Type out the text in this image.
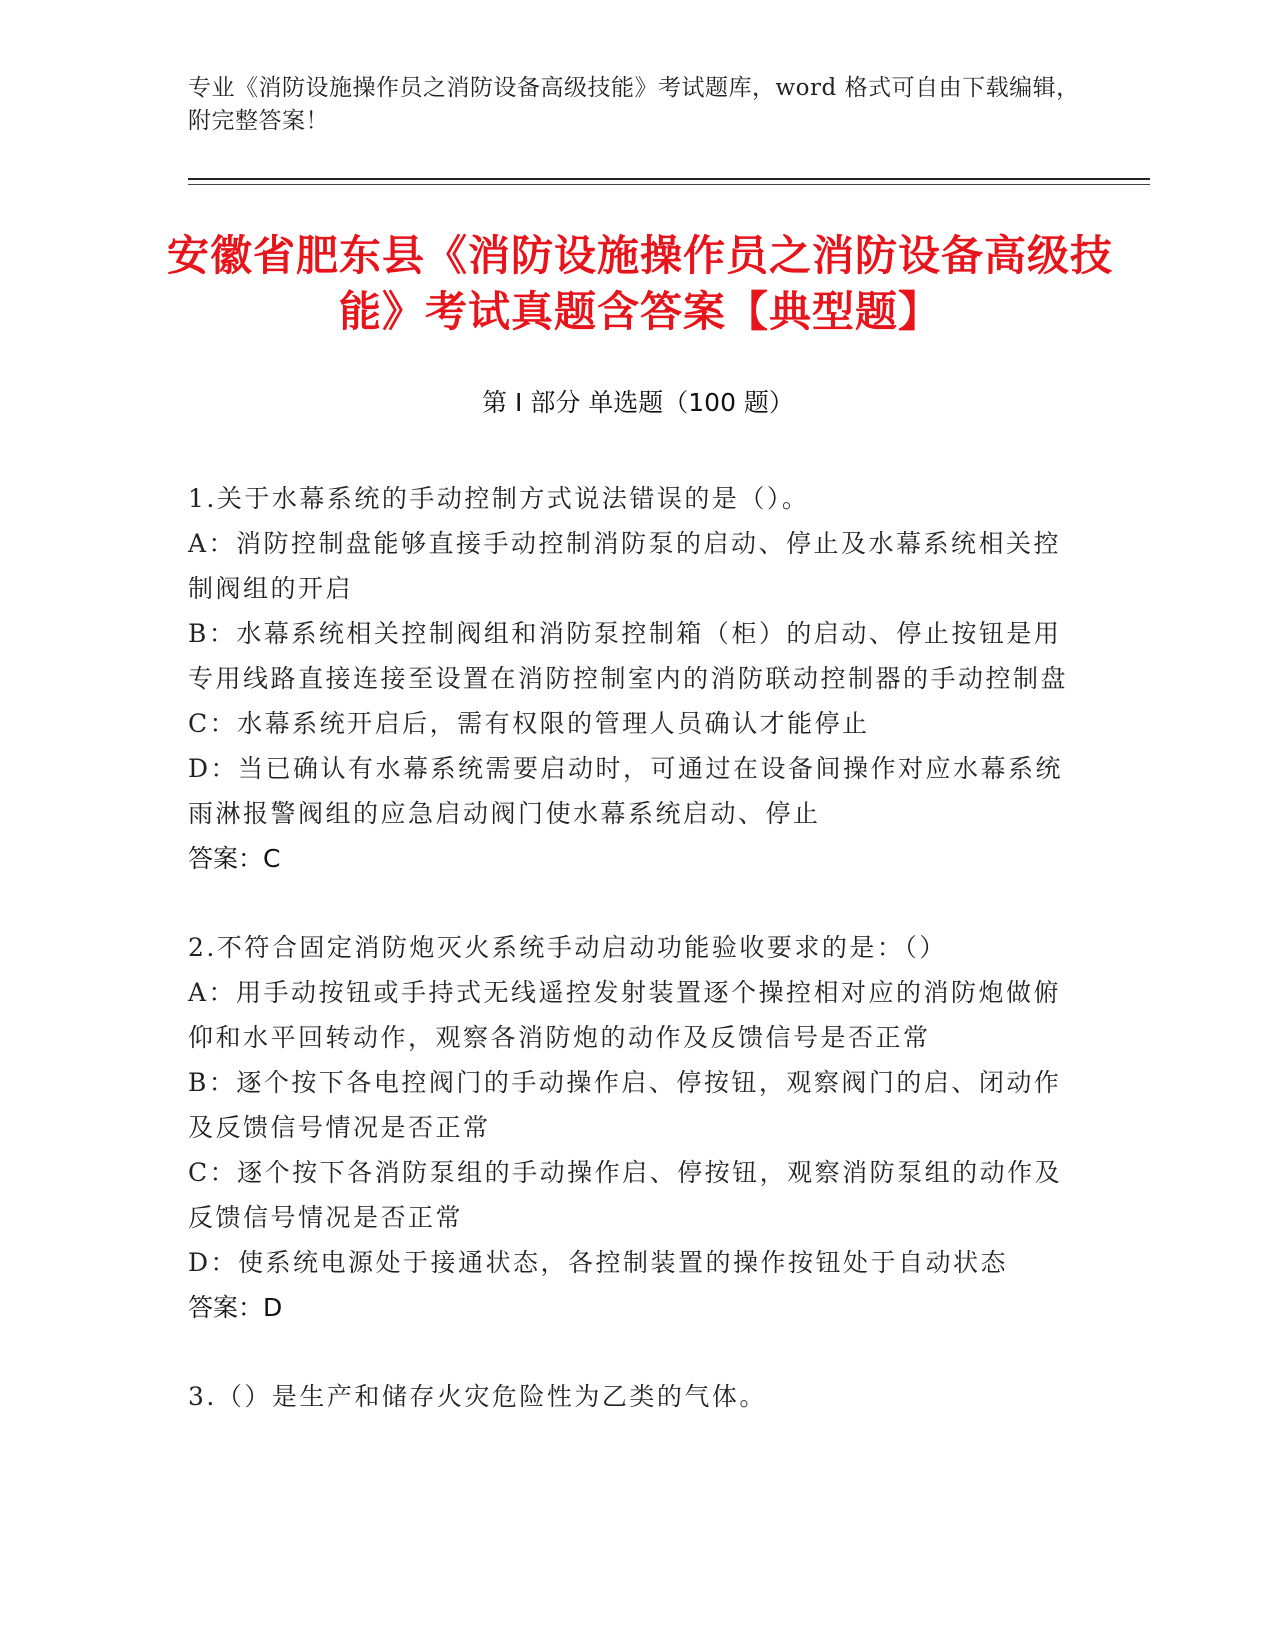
专业《消防设施操作员之消防设备高级技能》考试题库，word 格式可自由下载编辑，附完整答案！
安徽省肥东县《消防设施操作员之消防设备高级技能》考试真题含答案【典型题】
第 I 部分 单选题（100 题）

1.关于水幕系统的手动控制方式说法错误的是（）。

A：消防控制盘能够直接手动控制消防泵的启动、停止及水幕系统相关控制阀组的开启

B：水幕系统相关控制阀组和消防泵控制箱（柜）的启动、停止按钮是用专用线路直接连接至设置在消防控制室内的消防联动控制器的手动控制盘

C：水幕系统开启后，需有权限的管理人员确认才能停止

D：当已确认有水幕系统需要启动时，可通过在设备间操作对应水幕系统雨淋报警阀组的应急启动阀门使水幕系统启动、停止

答案：C

2.不符合固定消防炮灭火系统手动启动功能验收要求的是：（）

A：用手动按钮或手持式无线遥控发射装置逐个操控相对应的消防炮做俯仰和水平回转动作，观察各消防炮的动作及反馈信号是否正常

B：逐个按下各电控阀门的手动操作启、停按钮，观察阀门的启、闭动作及反馈信号情况是否正常

C：逐个按下各消防泵组的手动操作启、停按钮，观察消防泵组的动作及反馈信号情况是否正常

D：使系统电源处于接通状态，各控制装置的操作按钮处于自动状态

答案：D

3.（）是生产和储存火灾危险性为乙类的气体。
